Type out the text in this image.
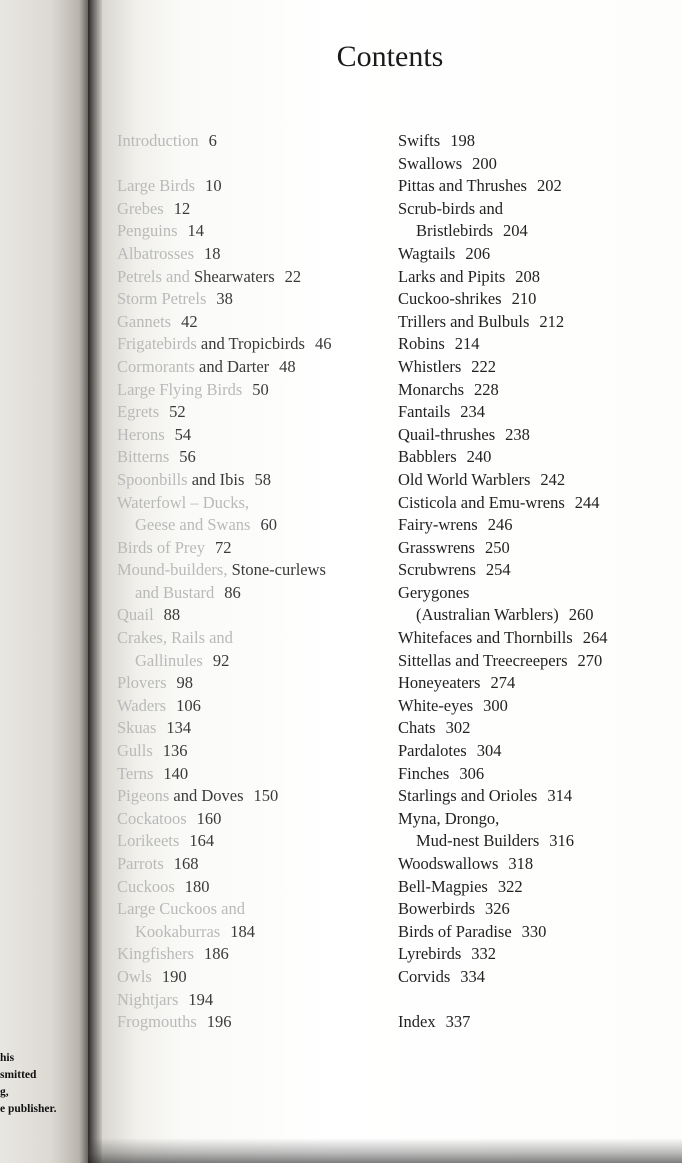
his
smitted
g,
e publisher.
Contents
Introduction 6
Large Birds 10
Grebes 12
Penguins 14
Albatrosses 18
Petrels and Shearwaters 22
Storm Petrels 38
Gannets 42
Frigatebirds and Tropicbirds 46
Cormorants and Darter 48
Large Flying Birds 50
Egrets 52
Herons 54
Bitterns 56
Spoonbills and Ibis 58
Waterfowl – Ducks,
Geese and Swans 60
Birds of Prey 72
Mound-builders, Stone-curlews
and Bustard 86
Quail 88
Crakes, Rails and
Gallinules 92
Plovers 98
Waders 106
Skuas 134
Gulls 136
Terns 140
Pigeons and Doves 150
Cockatoos 160
Lorikeets 164
Parrots 168
Cuckoos 180
Large Cuckoos and
Kookaburras 184
Kingfishers 186
Owls 190
Nightjars 194
Frogmouths 196
Swifts 198
Swallows 200
Pittas and Thrushes 202
Scrub-birds and
Bristlebirds 204
Wagtails 206
Larks and Pipits 208
Cuckoo-shrikes 210
Trillers and Bulbuls 212
Robins 214
Whistlers 222
Monarchs 228
Fantails 234
Quail-thrushes 238
Babblers 240
Old World Warblers 242
Cisticola and Emu-wrens 244
Fairy-wrens 246
Grasswrens 250
Scrubwrens 254
Gerygones
(Australian Warblers) 260
Whitefaces and Thornbills 264
Sittellas and Treecreepers 270
Honeyeaters 274
White-eyes 300
Chats 302
Pardalotes 304
Finches 306
Starlings and Orioles 314
Myna, Drongo,
Mud-nest Builders 316
Woodswallows 318
Bell-Magpies 322
Bowerbirds 326
Birds of Paradise 330
Lyrebirds 332
Corvids 334
Index 337
